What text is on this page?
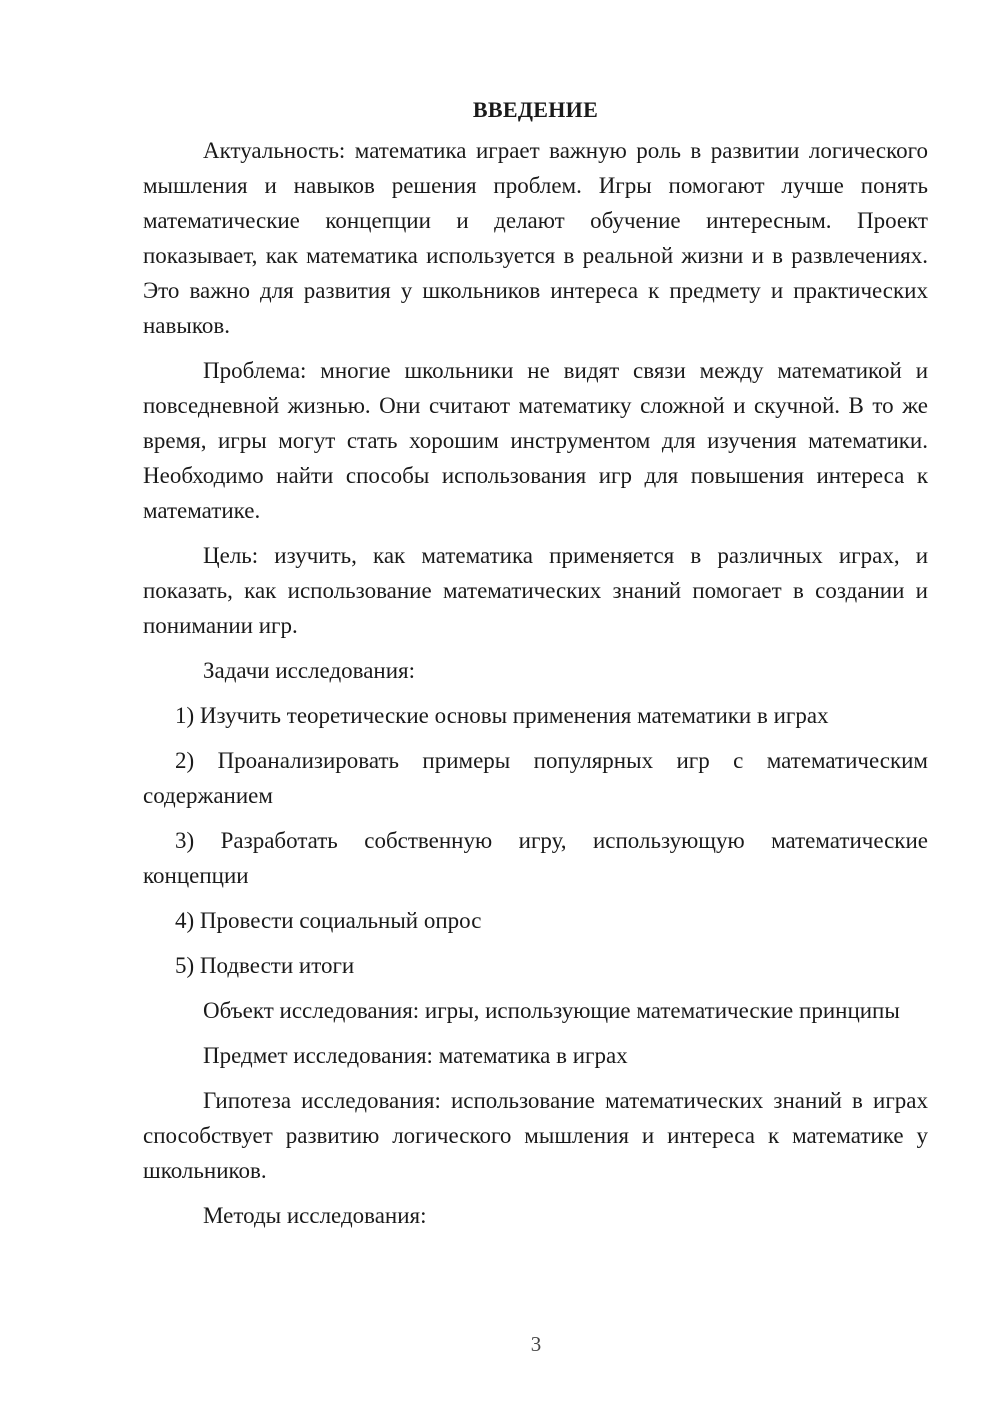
ВВЕДЕНИЕ

Актуальность: математика играет важную роль в развитии логического мышления и навыков решения проблем. Игры помогают лучше понять математические концепции и делают обучение интересным. Проект показывает, как математика используется в реальной жизни и в развлечениях. Это важно для развития у школьников интереса к предмету и практических навыков.

Проблема: многие школьники не видят связи между математикой и повседневной жизнью. Они считают математику сложной и скучной. В то же время, игры могут стать хорошим инструментом для изучения математики. Необходимо найти способы использования игр для повышения интереса к математике.

Цель: изучить, как математика применяется в различных играх, и показать, как использование математических знаний помогает в создании и понимании игр.

Задачи исследования:

1) Изучить теоретические основы применения математики в играх

2) Проанализировать примеры популярных игр с математическим содержанием

3) Разработать собственную игру, использующую математические концепции

4) Провести социальный опрос

5) Подвести итоги

Объект исследования: игры, использующие математические принципы

Предмет исследования: математика в играх

Гипотеза исследования: использование математических знаний в играх способствует развитию логического мышления и интереса к математике у школьников.

Методы исследования:

3
